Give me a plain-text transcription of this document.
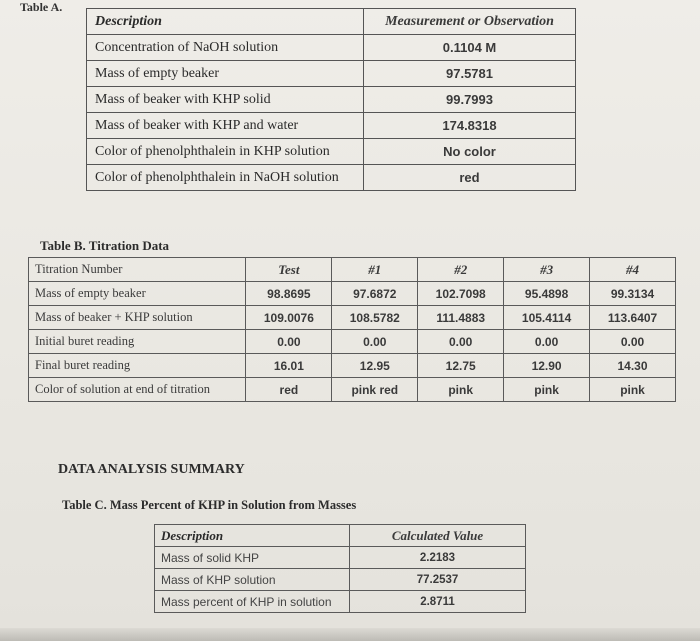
Table A.
Description	Measurement or Observation
Concentration of NaOH solution	0.1104 M
Mass of empty beaker	97.5781
Mass of beaker with KHP solid	99.7993
Mass of beaker with KHP and water	174.8318
Color of phenolphthalein in KHP solution	No color
Color of phenolphthalein in NaOH solution	red
Table B. Titration Data
Titration Number	Test	#1	#2	#3	#4
Mass of empty beaker	98.8695	97.6872	102.7098	95.4898	99.3134
Mass of beaker + KHP solution	109.0076	108.5782	111.4883	105.4114	113.6407
Initial buret reading	0.00	0.00	0.00	0.00	0.00
Final buret reading	16.01	12.95	12.75	12.90	14.30
Color of solution at end of titration	red	pink red	pink	pink	pink
DATA ANALYSIS SUMMARY
Table C. Mass Percent of KHP in Solution from Masses
Description	Calculated Value
Mass of solid KHP	2.2183
Mass of KHP solution	77.2537
Mass percent of KHP in solution	2.8711
